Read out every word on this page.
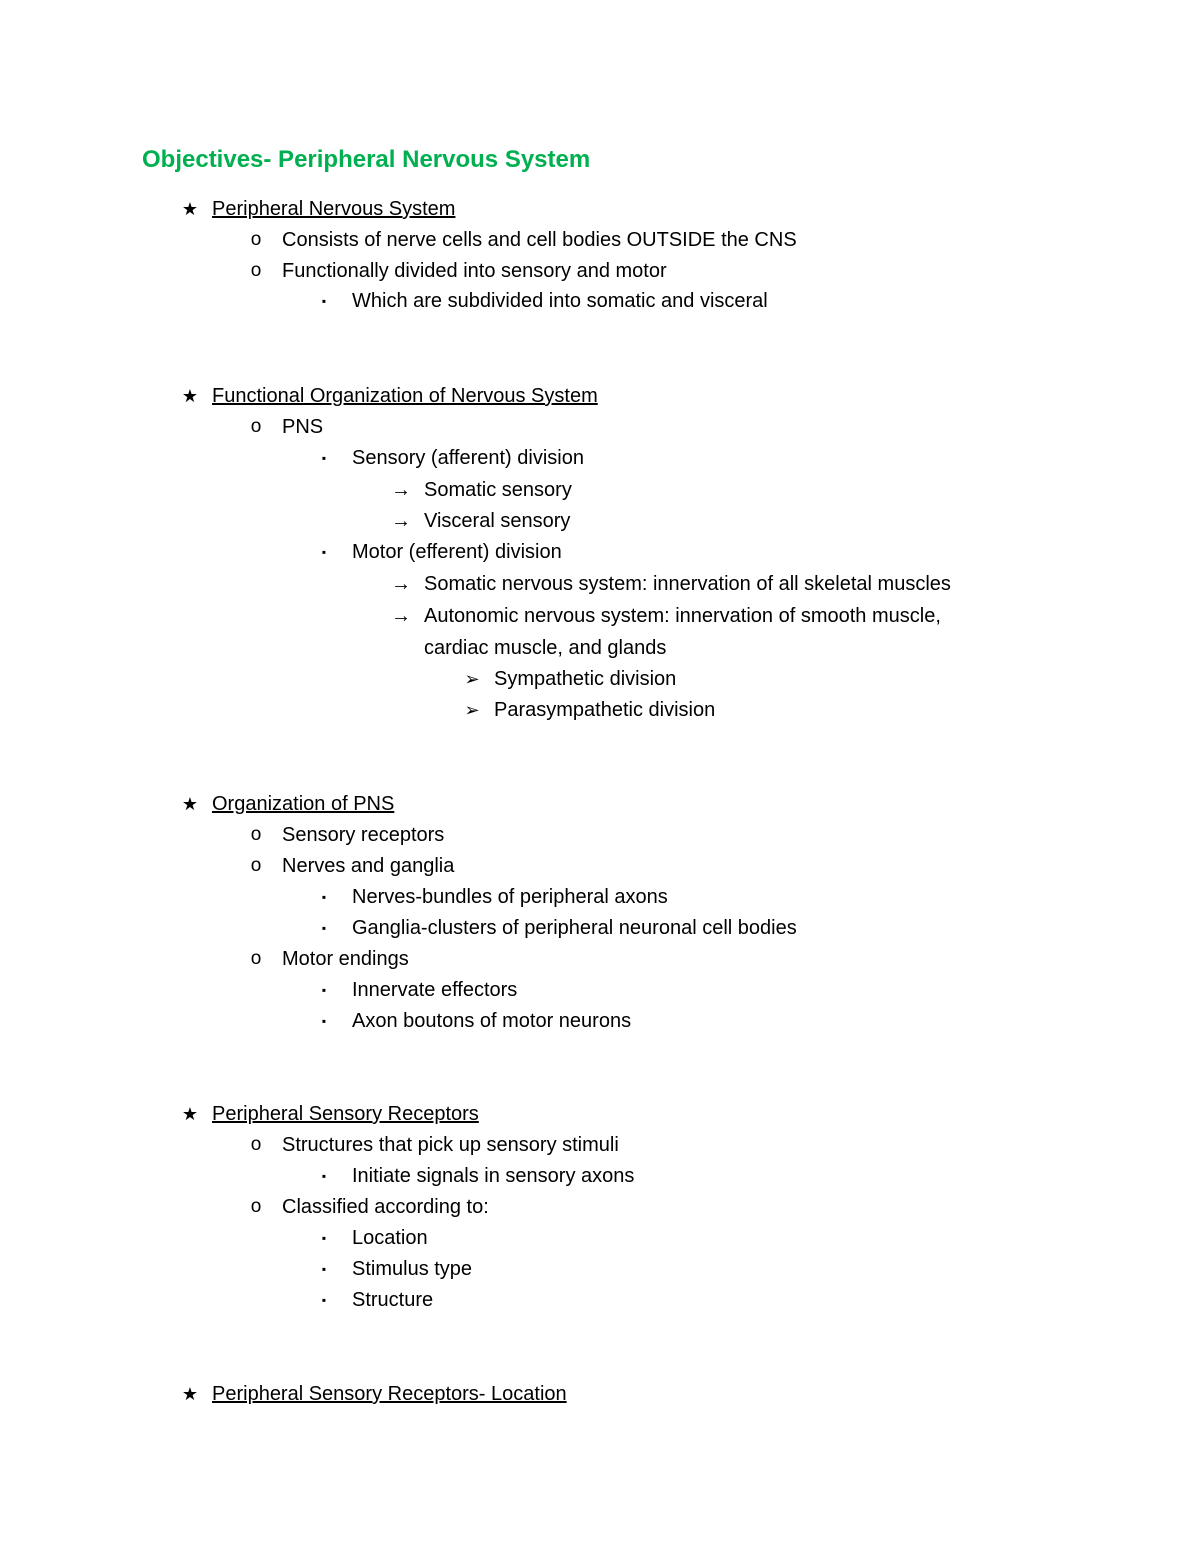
Objectives- Peripheral Nervous System
★ Peripheral Nervous System
o Consists of nerve cells and cell bodies OUTSIDE the CNS
o Functionally divided into sensory and motor
▪ Which are subdivided into somatic and visceral
★ Functional Organization of Nervous System
o PNS
▪ Sensory (afferent) division
→ Somatic sensory
→ Visceral sensory
▪ Motor (efferent) division
→ Somatic nervous system: innervation of all skeletal muscles
→ Autonomic nervous system: innervation of smooth muscle,
cardiac muscle, and glands
➢ Sympathetic division
➢ Parasympathetic division
★ Organization of PNS
o Sensory receptors
o Nerves and ganglia
▪ Nerves-bundles of peripheral axons
▪ Ganglia-clusters of peripheral neuronal cell bodies
o Motor endings
▪ Innervate effectors
▪ Axon boutons of motor neurons
★ Peripheral Sensory Receptors
o Structures that pick up sensory stimuli
▪ Initiate signals in sensory axons
o Classified according to:
▪ Location
▪ Stimulus type
▪ Structure
★ Peripheral Sensory Receptors- Location
